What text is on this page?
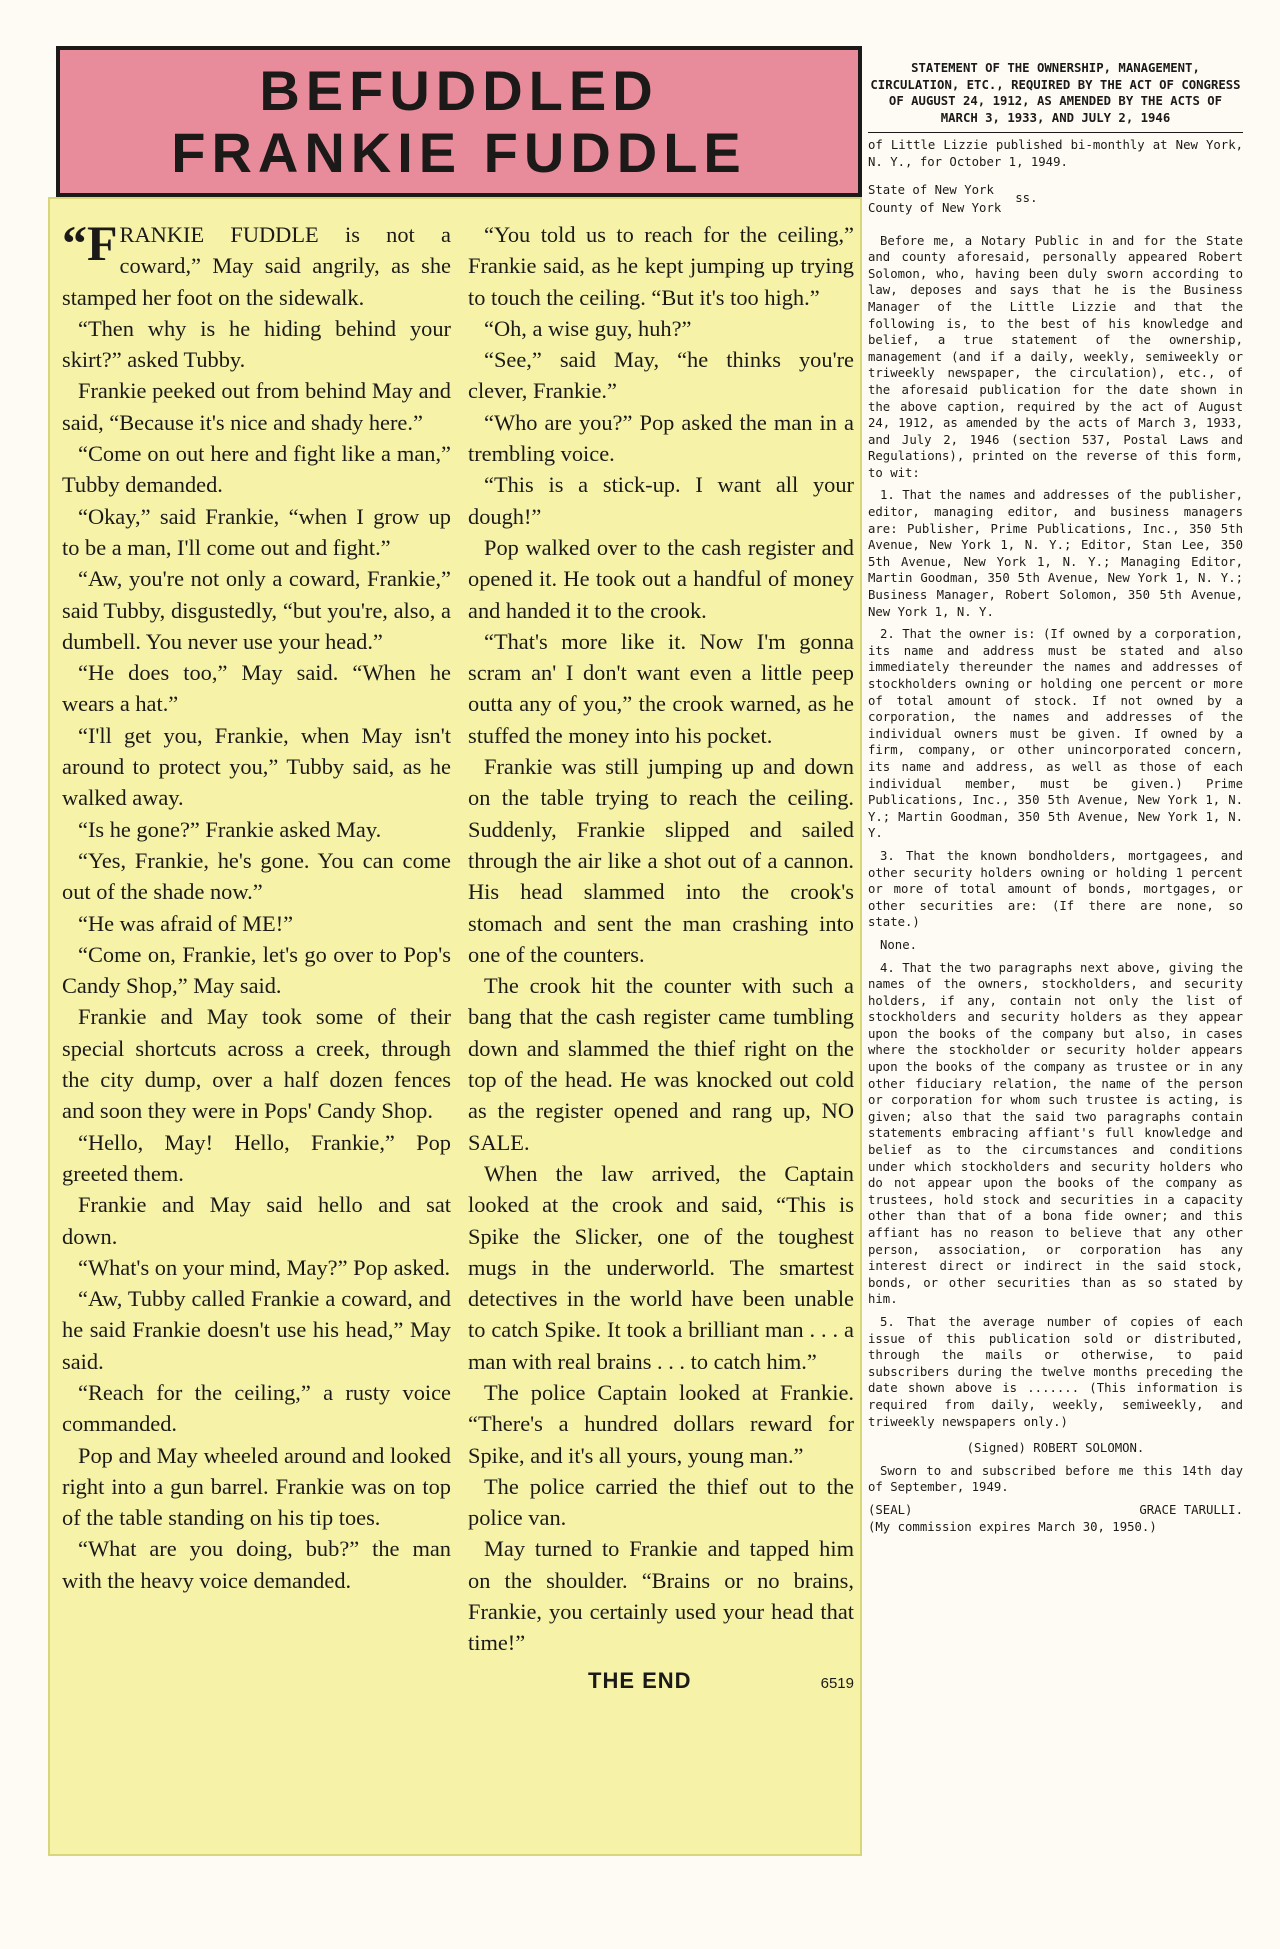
BEFUDDLED
FRANKIE FUDDLE

“FRANKIE FUDDLE is not a coward,” May said angrily, as she stamped her foot on the sidewalk.

“Then why is he hiding behind your skirt?” asked Tubby.

Frankie peeked out from behind May and said, “Because it's nice and shady here.”

“Come on out here and fight like a man,” Tubby demanded.

“Okay,” said Frankie, “when I grow up to be a man, I'll come out and fight.”

“Aw, you're not only a coward, Frankie,” said Tubby, disgustedly, “but you're, also, a dumbell. You never use your head.”

“He does too,” May said. “When he wears a hat.”

“I'll get you, Frankie, when May isn't around to protect you,” Tubby said, as he walked away.

“Is he gone?” Frankie asked May.

“Yes, Frankie, he's gone. You can come out of the shade now.”

“He was afraid of ME!”

“Come on, Frankie, let's go over to Pop's Candy Shop,” May said.

Frankie and May took some of their special shortcuts across a creek, through the city dump, over a half dozen fences and soon they were in Pops' Candy Shop.

“Hello, May! Hello, Frankie,” Pop greeted them.

Frankie and May said hello and sat down.

“What's on your mind, May?” Pop asked.

“Aw, Tubby called Frankie a coward, and he said Frankie doesn't use his head,” May said.

“Reach for the ceiling,” a rusty voice commanded.

Pop and May wheeled around and looked right into a gun barrel. Frankie was on top of the table standing on his tip toes.

“What are you doing, bub?” the man with the heavy voice demanded.

“You told us to reach for the ceiling,” Frankie said, as he kept jumping up trying to touch the ceiling. “But it's too high.”

“Oh, a wise guy, huh?”

“See,” said May, “he thinks you're clever, Frankie.”

“Who are you?” Pop asked the man in a trembling voice.

“This is a stick-up. I want all your dough!”

Pop walked over to the cash register and opened it. He took out a handful of money and handed it to the crook.

“That's more like it. Now I'm gonna scram an' I don't want even a little peep outta any of you,” the crook warned, as he stuffed the money into his pocket.

Frankie was still jumping up and down on the table trying to reach the ceiling. Suddenly, Frankie slipped and sailed through the air like a shot out of a cannon. His head slammed into the crook's stomach and sent the man crashing into one of the counters.

The crook hit the counter with such a bang that the cash register came tumbling down and slammed the thief right on the top of the head. He was knocked out cold as the register opened and rang up, NO SALE.

When the law arrived, the Captain looked at the crook and said, “This is Spike the Slicker, one of the toughest mugs in the underworld. The smartest detectives in the world have been unable to catch Spike. It took a brilliant man . . . a man with real brains . . . to catch him.”

The police Captain looked at Frankie. “There's a hundred dollars reward for Spike, and it's all yours, young man.”

The police carried the thief out to the police van.

May turned to Frankie and tapped him on the shoulder. “Brains or no brains, Frankie, you certainly used your head that time!”

THE END	6519
STATEMENT OF THE OWNERSHIP, MANAGEMENT, CIRCULATION, ETC., REQUIRED BY THE ACT OF CONGRESS OF AUGUST 24, 1912, AS AMENDED BY THE ACTS OF MARCH 3, 1933, AND JULY 2, 1946

of Little Lizzie published bi-monthly at New York, N. Y., for October 1, 1949.

State of New York
County of New York
ss.

Before me, a Notary Public in and for the State and county aforesaid, personally appeared Robert Solomon, who, having been duly sworn according to law, deposes and says that he is the Business Manager of the Little Lizzie and that the following is, to the best of his knowledge and belief, a true statement of the ownership, management (and if a daily, weekly, semiweekly or triweekly newspaper, the circulation), etc., of the aforesaid publication for the date shown in the above caption, required by the act of August 24, 1912, as amended by the acts of March 3, 1933, and July 2, 1946 (section 537, Postal Laws and Regulations), printed on the reverse of this form, to wit:

1. That the names and addresses of the publisher, editor, managing editor, and business managers are: Publisher, Prime Publications, Inc., 350 5th Avenue, New York 1, N. Y.; Editor, Stan Lee, 350 5th Avenue, New York 1, N. Y.; Managing Editor, Martin Goodman, 350 5th Avenue, New York 1, N. Y.; Business Manager, Robert Solomon, 350 5th Avenue, New York 1, N. Y.

2. That the owner is: (If owned by a corporation, its name and address must be stated and also immediately thereunder the names and addresses of stockholders owning or holding one percent or more of total amount of stock. If not owned by a corporation, the names and addresses of the individual owners must be given. If owned by a firm, company, or other unincorporated concern, its name and address, as well as those of each individual member, must be given.) Prime Publications, Inc., 350 5th Avenue, New York 1, N. Y.; Martin Goodman, 350 5th Avenue, New York 1, N. Y.

3. That the known bondholders, mortgagees, and other security holders owning or holding 1 percent or more of total amount of bonds, mortgages, or other securities are: (If there are none, so state.)

None.

4. That the two paragraphs next above, giving the names of the owners, stockholders, and security holders, if any, contain not only the list of stockholders and security holders as they appear upon the books of the company but also, in cases where the stockholder or security holder appears upon the books of the company as trustee or in any other fiduciary relation, the name of the person or corporation for whom such trustee is acting, is given; also that the said two paragraphs contain statements embracing affiant's full knowledge and belief as to the circumstances and conditions under which stockholders and security holders who do not appear upon the books of the company as trustees, hold stock and securities in a capacity other than that of a bona fide owner; and this affiant has no reason to believe that any other person, association, or corporation has any interest direct or indirect in the said stock, bonds, or other securities than as so stated by him.

5. That the average number of copies of each issue of this publication sold or distributed, through the mails or otherwise, to paid subscribers during the twelve months preceding the date shown above is ....... (This information is required from daily, weekly, semiweekly, and triweekly newspapers only.)

(Signed) ROBERT SOLOMON.

Sworn to and subscribed before me this 14th day of September, 1949.

(SEAL)	GRACE TARULLI.
(My commission expires March 30, 1950.)
